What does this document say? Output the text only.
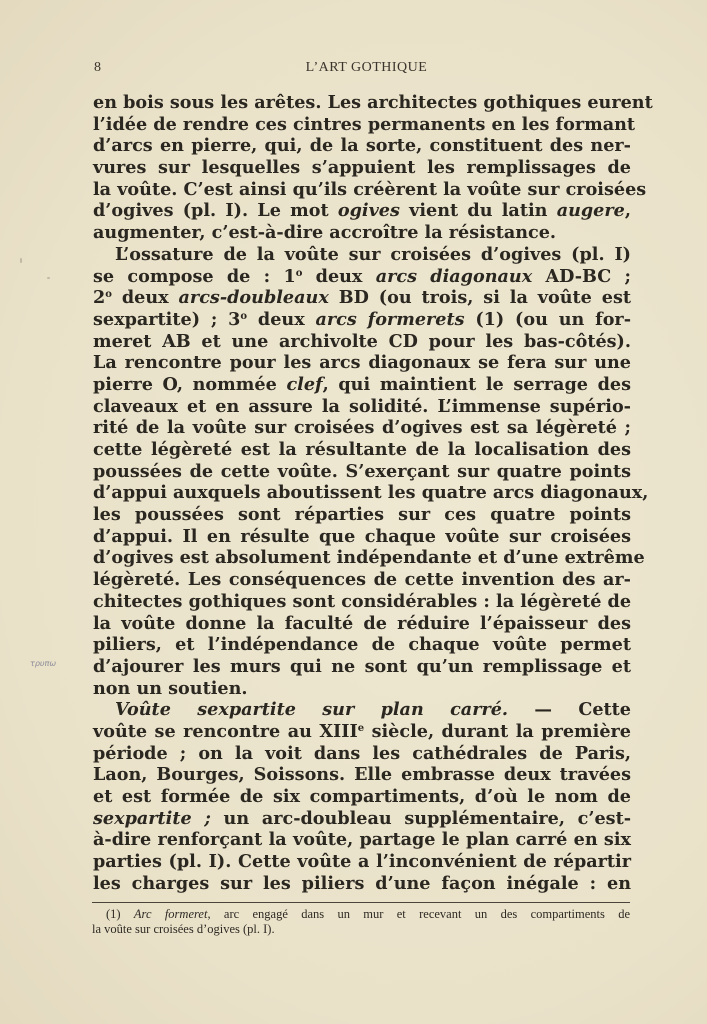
8	L’ART GOTHIQUE
en bois sous les arêtes. Les architectes gothiques eurent
l’idée de rendre ces cintres permanents en les formant
d’arcs en pierre, qui, de la sorte, constituent des ner-
vures sur lesquelles s’appuient les remplissages de
la voûte. C’est ainsi qu’ils créèrent la voûte sur croisées
d’ogives (pl. I). Le mot ogives vient du latin augere,
augmenter, c’est-à-dire accroître la résistance.
L’ossature de la voûte sur croisées d’ogives (pl. I)
se compose de : 1$^o$ deux arcs diagonaux AD-BC ;
2$^o$ deux arcs-doubleaux BD (ou trois, si la voûte est
sexpartite) ; 3$^o$ deux arcs formerets (1) (ou un for-
meret AB et une archivolte CD pour les bas-côtés).
La rencontre pour les arcs diagonaux se fera sur une
pierre O, nommée clef, qui maintient le serrage des
claveaux et en assure la solidité. L’immense supério-
rité de la voûte sur croisées d’ogives est sa légèreté ;
cette légèreté est la résultante de la localisation des
poussées de cette voûte. S’exerçant sur quatre points
d’appui auxquels aboutissent les quatre arcs diagonaux,
les poussées sont réparties sur ces quatre points
d’appui. Il en résulte que chaque voûte sur croisées
d’ogives est absolument indépendante et d’une extrême
légèreté. Les conséquences de cette invention des ar-
chitectes gothiques sont considérables : la légèreté de
la voûte donne la faculté de réduire l’épaisseur des
piliers, et l’indépendance de chaque voûte permet
d’ajourer les murs qui ne sont qu’un remplissage et
non un soutien.
Voûte sexpartite sur plan carré. — Cette
voûte se rencontre au XIIIe siècle, durant la première
période ; on la voit dans les cathédrales de Paris,
Laon, Bourges, Soissons. Elle embrasse deux travées
et est formée de six compartiments, d’où le nom de
sexpartite ; un arc-doubleau supplémentaire, c’est-
à-dire renforçant la voûte, partage le plan carré en six
parties (pl. I). Cette voûte a l’inconvénient de répartir
les charges sur les piliers d’une façon inégale : en
(1) Arc formeret, arc engagé dans un mur et recevant un des compartiments de
la voûte sur croisées d’ogives (pl. I).
τρυπω
